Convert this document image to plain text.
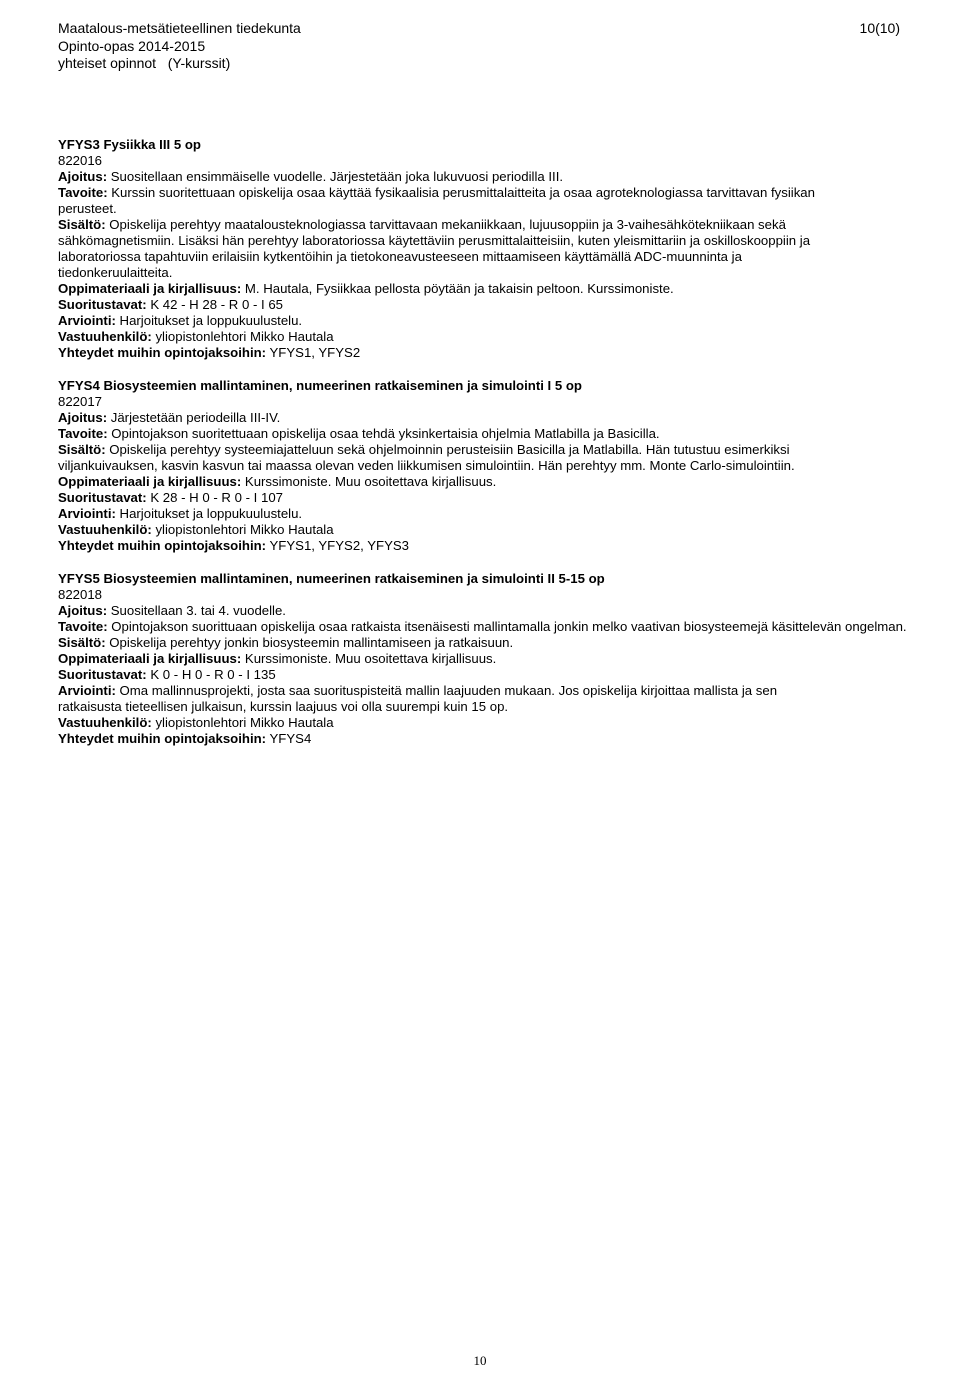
Maatalous-metsätieteellinen tiedekunta
Opinto-opas 2014-2015
yhteiset opinnot   (Y-kurssit)
10(10)
YFYS3 Fysiikka III 5 op
822016
Ajoitus: Suositellaan ensimmäiselle vuodelle. Järjestetään joka lukuvuosi periodilla III.
Tavoite: Kurssin suoritettuaan opiskelija osaa käyttää fysikaalisia perusmittalaitteita ja osaa agroteknologiassa tarvittavan fysiikan
perusteet.
Sisältö: Opiskelija perehtyy maatalousteknologiassa tarvittavaan mekaniikkaan, lujuusoppiin ja 3-vaihesähkötekniikaan sekä
sähkömagnetismiin. Lisäksi hän perehtyy laboratoriossa käytettäviin perusmittalaitteisiin, kuten yleismittariin ja oskilloskooppiin ja
laboratoriossa tapahtuviin erilaisiin kytkentöihin ja tietokoneavusteeseen mittaamiseen käyttämällä ADC-muunninta ja
tiedonkeruulaitteita.
Oppimateriaali ja kirjallisuus: M. Hautala, Fysiikkaa pellosta pöytään ja takaisin peltoon. Kurssimoniste.
Suoritustavat: K 42 - H 28 - R 0 - I 65
Arviointi: Harjoitukset ja loppukuulustelu.
Vastuuhenkilö: yliopistonlehtori Mikko Hautala
Yhteydet muihin opintojaksoihin: YFYS1, YFYS2
YFYS4 Biosysteemien mallintaminen, numeerinen ratkaiseminen ja simulointi I 5 op
822017
Ajoitus: Järjestetään periodeilla III-IV.
Tavoite: Opintojakson suoritettuaan opiskelija osaa tehdä yksinkertaisia ohjelmia Matlabilla ja Basicilla.
Sisältö: Opiskelija perehtyy systeemiajatteluun sekä ohjelmoinnin perusteisiin Basicilla ja Matlabilla. Hän tutustuu esimerkiksi
viljankuivauksen, kasvin kasvun tai maassa olevan veden liikkumisen simulointiin. Hän perehtyy mm. Monte Carlo-simulointiin.
Oppimateriaali ja kirjallisuus: Kurssimoniste. Muu osoitettava kirjallisuus.
Suoritustavat: K 28 - H 0 - R 0 - I 107
Arviointi: Harjoitukset ja loppukuulustelu.
Vastuuhenkilö: yliopistonlehtori Mikko Hautala
Yhteydet muihin opintojaksoihin: YFYS1, YFYS2, YFYS3
YFYS5 Biosysteemien mallintaminen, numeerinen ratkaiseminen ja simulointi II 5-15 op
822018
Ajoitus: Suositellaan 3. tai 4. vuodelle.
Tavoite: Opintojakson suorittuaan opiskelija osaa ratkaista itsenäisesti mallintamalla jonkin melko vaativan biosysteemejä käsittelevän ongelman.
Sisältö: Opiskelija perehtyy jonkin biosysteemin mallintamiseen ja ratkaisuun.
Oppimateriaali ja kirjallisuus: Kurssimoniste. Muu osoitettava kirjallisuus.
Suoritustavat: K 0 - H 0 - R 0 - I 135
Arviointi: Oma mallinnusprojekti, josta saa suorituspisteitä mallin laajuuden mukaan. Jos opiskelija kirjoittaa mallista ja sen
ratkaisusta tieteellisen julkaisun, kurssin laajuus voi olla suurempi kuin 15 op.
Vastuuhenkilö: yliopistonlehtori Mikko Hautala
Yhteydet muihin opintojaksoihin: YFYS4
10
